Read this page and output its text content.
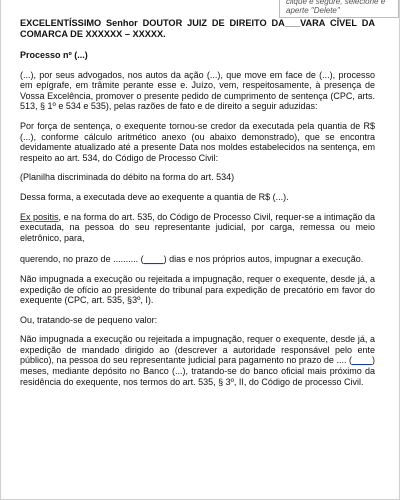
clique e segure, selecione e aperte "Delete"

EXCELENTÍSSIMO Senhor DOUTOR JUIZ DE DIREITO DA___VARA CÍVEL DA COMARCA DE XXXXXX – XXXXX.

Processo nº (...)

(...), por seus advogados, nos autos da ação (...), que move em face de (...), processo em epígrafe, em trâmite perante esse e. Juízo, vem, respeitosamente, à presença de Vossa Excelência, promover o presente pedido de cumprimento de sentença (CPC, arts. 513, § 1º e 534 e 535), pelas razões de fato e de direito a seguir aduzidas:

Por força de sentença, o exequente tornou-se credor da executada pela quantia de R$ (...), conforme cálculo aritmético anexo (ou abaixo demonstrado), que se encontra devidamente atualizado até a presente Data nos moldes estabelecidos na sentença, em respeito ao art. 534, do Código de Processo Civil:

(Planilha discriminada do débito na forma do art. 534)

Dessa forma, a executada deve ao exequente a quantia de R$ (...).

Ex positis, e na forma do art. 535, do Código de Processo Civil, requer-se a intimação da executada, na pessoa do seu representante judicial, por carga, remessa ou meio eletrônico, para,

querendo, no prazo de .......... (____) dias e nos próprios autos, impugnar a execução.

Não impugnada a execução ou rejeitada a impugnação, requer o exequente, desde já, a expedição de ofício ao presidente do tribunal para expedição de precatório em favor do exequente (CPC, art. 535, §3º, I).

Ou, tratando-se de pequeno valor:

Não impugnada a execução ou rejeitada a impugnação, requer o exequente, desde já, a expedição de mandado dirigido ao (descrever a autoridade responsável pelo ente público), na pessoa do seu representante judicial para pagamento no prazo de .... (____) meses, mediante depósito no Banco (...), tratando-se do banco oficial mais próximo da residência do exequente, nos termos do art. 535, § 3º, II, do Código de processo Civil.
